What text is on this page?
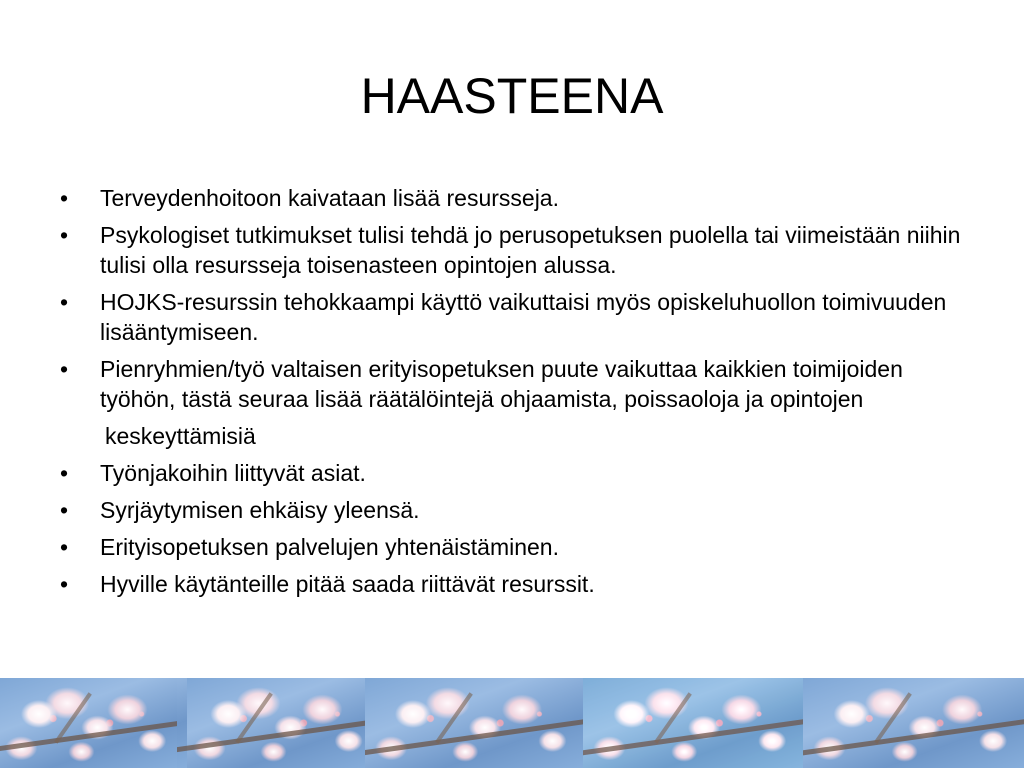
HAASTEENA
•	Terveydenhoitoon kaivataan lisää resursseja.
•	Psykologiset tutkimukset tulisi tehdä jo perusopetuksen puolella tai viimeistään niihin tulisi olla resursseja toisenasteen opintojen alussa.
•	HOJKS-resurssin tehokkaampi käyttö vaikuttaisi myös opiskeluhuollon toimivuuden lisääntymiseen.
•	Pienryhmien/työ valtaisen erityisopetuksen puute vaikuttaa kaikkien toimijoiden työhön, tästä seuraa lisää räätälöintejä ohjaamista, poissaoloja ja opintojen
keskeyttämisiä
•	Työnjakoihin liittyvät asiat.
•	Syrjäytymisen ehkäisy yleensä.
•	Erityisopetuksen palvelujen yhtenäistäminen.
•	Hyville käytänteille pitää saada riittävät resurssit.
